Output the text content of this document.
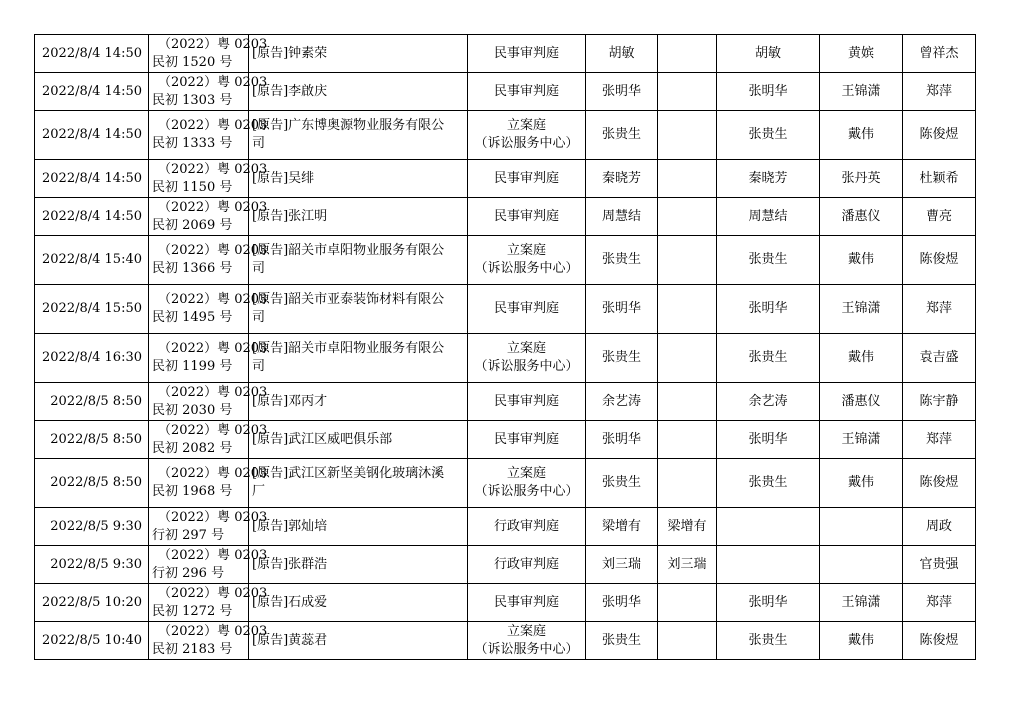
2022/8/4 14:50	（2022）粤 0203
民初 1520 号	[原告]钟素荣	民事审判庭	胡敏		胡敏	黄嫔	曾祥杰
2022/8/4 14:50	（2022）粤 0203
民初 1303 号	[原告]李啟庆	民事审判庭	张明华		张明华	王锦潇	郑萍
2022/8/4 14:50	（2022）粤 0203
民初 1333 号	[原告]广东博奥源物业服务有限公
司	立案庭
（诉讼服务中心）	张贵生		张贵生	戴伟	陈俊煜
2022/8/4 14:50	（2022）粤 0203
民初 1150 号	[原告]吴绯	民事审判庭	秦晓芳		秦晓芳	张丹英	杜颖希
2022/8/4 14:50	（2022）粤 0203
民初 2069 号	[原告]张江明	民事审判庭	周慧结		周慧结	潘惠仪	曹亮
2022/8/4 15:40	（2022）粤 0203
民初 1366 号	[原告]韶关市卓阳物业服务有限公
司	立案庭
（诉讼服务中心）	张贵生		张贵生	戴伟	陈俊煜
2022/8/4 15:50	（2022）粤 0203
民初 1495 号	[原告]韶关市亚泰装饰材料有限公
司	民事审判庭	张明华		张明华	王锦潇	郑萍
2022/8/4 16:30	（2022）粤 0203
民初 1199 号	[原告]韶关市卓阳物业服务有限公
司	立案庭
（诉讼服务中心）	张贵生		张贵生	戴伟	袁吉盛
2022/8/5 8:50	（2022）粤 0203
民初 2030 号	[原告]邓丙才	民事审判庭	余艺涛		余艺涛	潘惠仪	陈宇静
2022/8/5 8:50	（2022）粤 0203
民初 2082 号	[原告]武江区威吧俱乐部	民事审判庭	张明华		张明华	王锦潇	郑萍
2022/8/5 8:50	（2022）粤 0203
民初 1968 号	[原告]武江区新坚美钢化玻璃沐溪
厂	立案庭
（诉讼服务中心）	张贵生		张贵生	戴伟	陈俊煜
2022/8/5 9:30	（2022）粤 0203
行初 297 号	[原告]郭灿培	行政审判庭	梁增有	梁增有			周政
2022/8/5 9:30	（2022）粤 0203
行初 296 号	[原告]张群浩	行政审判庭	刘三瑞	刘三瑞			官贵强
2022/8/5 10:20	（2022）粤 0203
民初 1272 号	[原告]石成爱	民事审判庭	张明华		张明华	王锦潇	郑萍
2022/8/5 10:40	（2022）粤 0203
民初 2183 号	[原告]黄蕊君	立案庭
（诉讼服务中心）	张贵生		张贵生	戴伟	陈俊煜
